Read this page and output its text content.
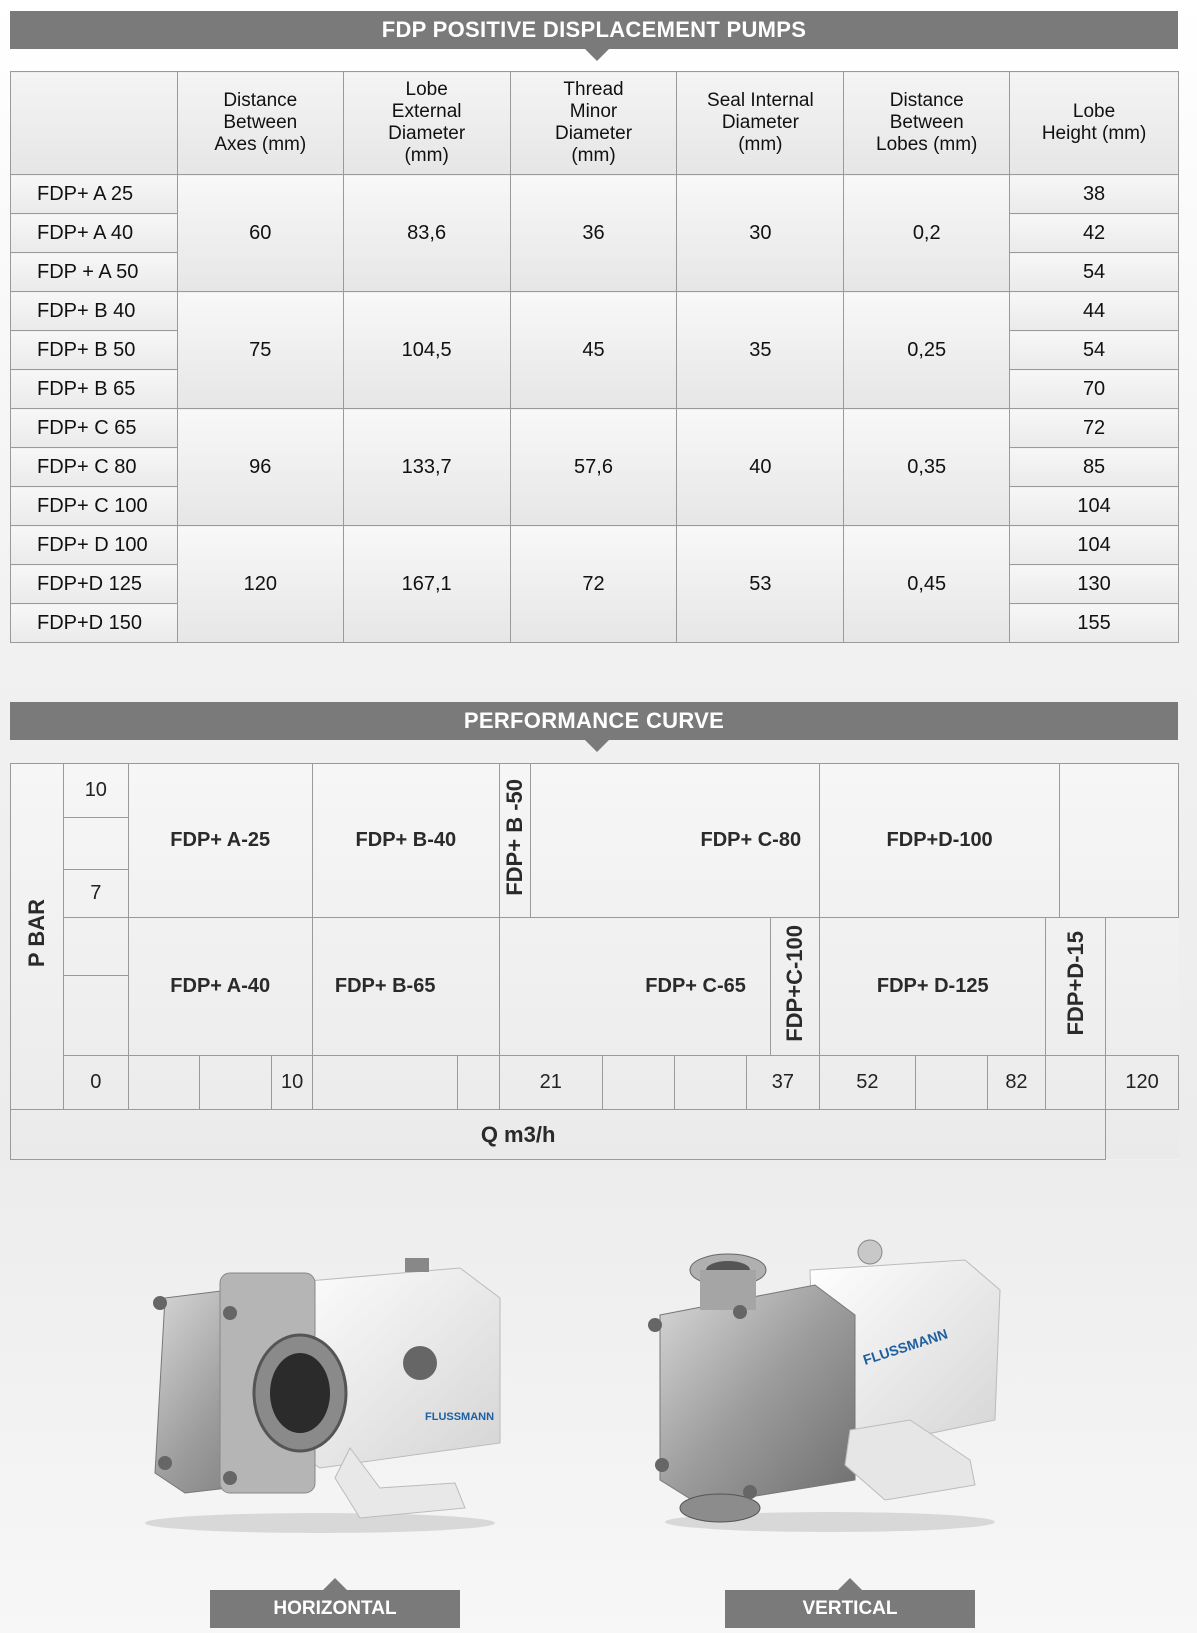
FDP POSITIVE DISPLACEMENT PUMPS
	Distance
Between
Axes (mm)	Lobe
External
Diameter
(mm)	Thread
Minor
Diameter
(mm)	Seal Internal
Diameter
(mm)	Distance
Between
Lobes (mm)	Lobe
Height (mm)
FDP+ A 25	60	83,6	36	30	0,2	38
FDP+ A 40						42
FDP + A 50						54
FDP+ B 40	75	104,5	45	35	0,25	44
FDP+ B 50						54
FDP+ B 65						70
FDP+ C 65	96	133,7	57,6	40	0,35	72
FDP+ C 80						85
FDP+ C 100						104
FDP+ D 100	120	167,1	72	53	0,45	104
FDP+D 125						130
FDP+D 150						155
PERFORMANCE CURVE
P BAR	10	FDP+ A-25			FDP+ B-40		FDP+ B -50	FDP+ C-80					FDP+D-100					

	7																	
		FDP+ A-40			FDP+ B-65		FDP+ C-65					FDP+C-100	FDP+ D-125			FDP+D-15		

	0			10			21				37		52		82			120
Q m3/h																		
FLUSSMANN
FLUSSMANN
HORIZONTAL	VERTICAL
